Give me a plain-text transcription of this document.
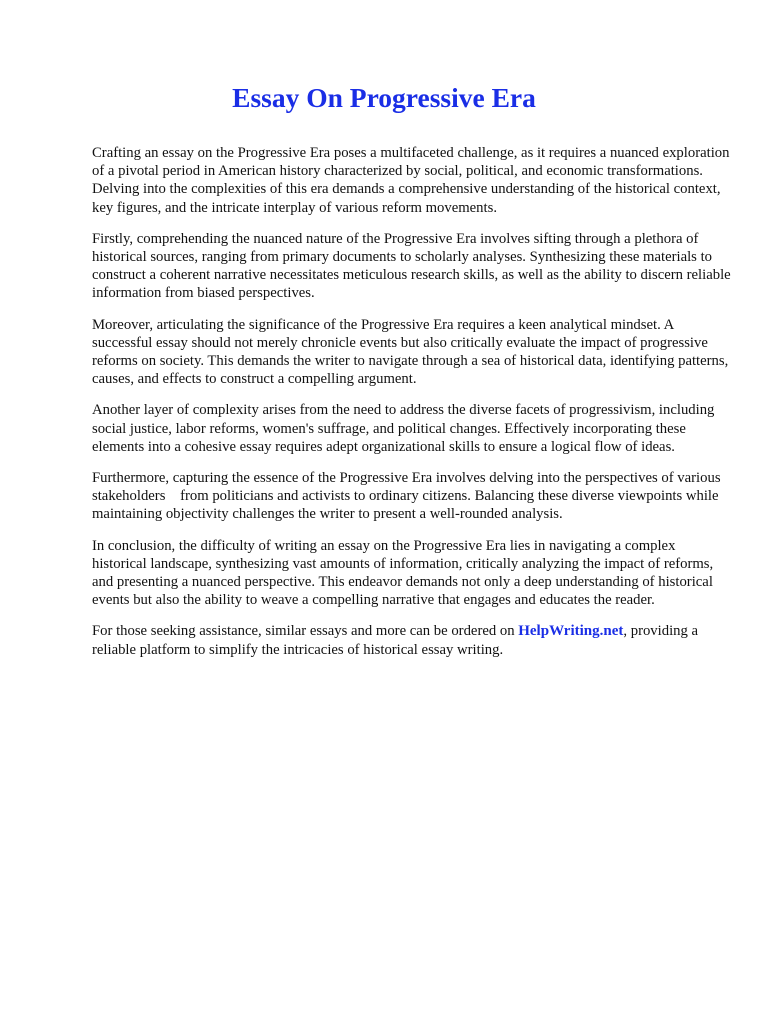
Essay On Progressive Era

Crafting an essay on the Progressive Era poses a multifaceted challenge, as it requires a nuanced exploration of a pivotal period in American history characterized by social, political, and economic transformations. Delving into the complexities of this era demands a comprehensive understanding of the historical context, key figures, and the intricate interplay of various reform movements.

Firstly, comprehending the nuanced nature of the Progressive Era involves sifting through a plethora of historical sources, ranging from primary documents to scholarly analyses. Synthesizing these materials to construct a coherent narrative necessitates meticulous research skills, as well as the ability to discern reliable information from biased perspectives.

Moreover, articulating the significance of the Progressive Era requires a keen analytical mindset. A successful essay should not merely chronicle events but also critically evaluate the impact of progressive reforms on society. This demands the writer to navigate through a sea of historical data, identifying patterns, causes, and effects to construct a compelling argument.

Another layer of complexity arises from the need to address the diverse facets of progressivism, including social justice, labor reforms, women's suffrage, and political changes. Effectively incorporating these elements into a cohesive essay requires adept organizational skills to ensure a logical flow of ideas.

Furthermore, capturing the essence of the Progressive Era involves delving into the perspectives of various stakeholders    from politicians and activists to ordinary citizens. Balancing these diverse viewpoints while maintaining objectivity challenges the writer to present a well-rounded analysis.

In conclusion, the difficulty of writing an essay on the Progressive Era lies in navigating a complex historical landscape, synthesizing vast amounts of information, critically analyzing the impact of reforms, and presenting a nuanced perspective. This endeavor demands not only a deep understanding of historical events but also the ability to weave a compelling narrative that engages and educates the reader.

For those seeking assistance, similar essays and more can be ordered on HelpWriting.net, providing a reliable platform to simplify the intricacies of historical essay writing.
